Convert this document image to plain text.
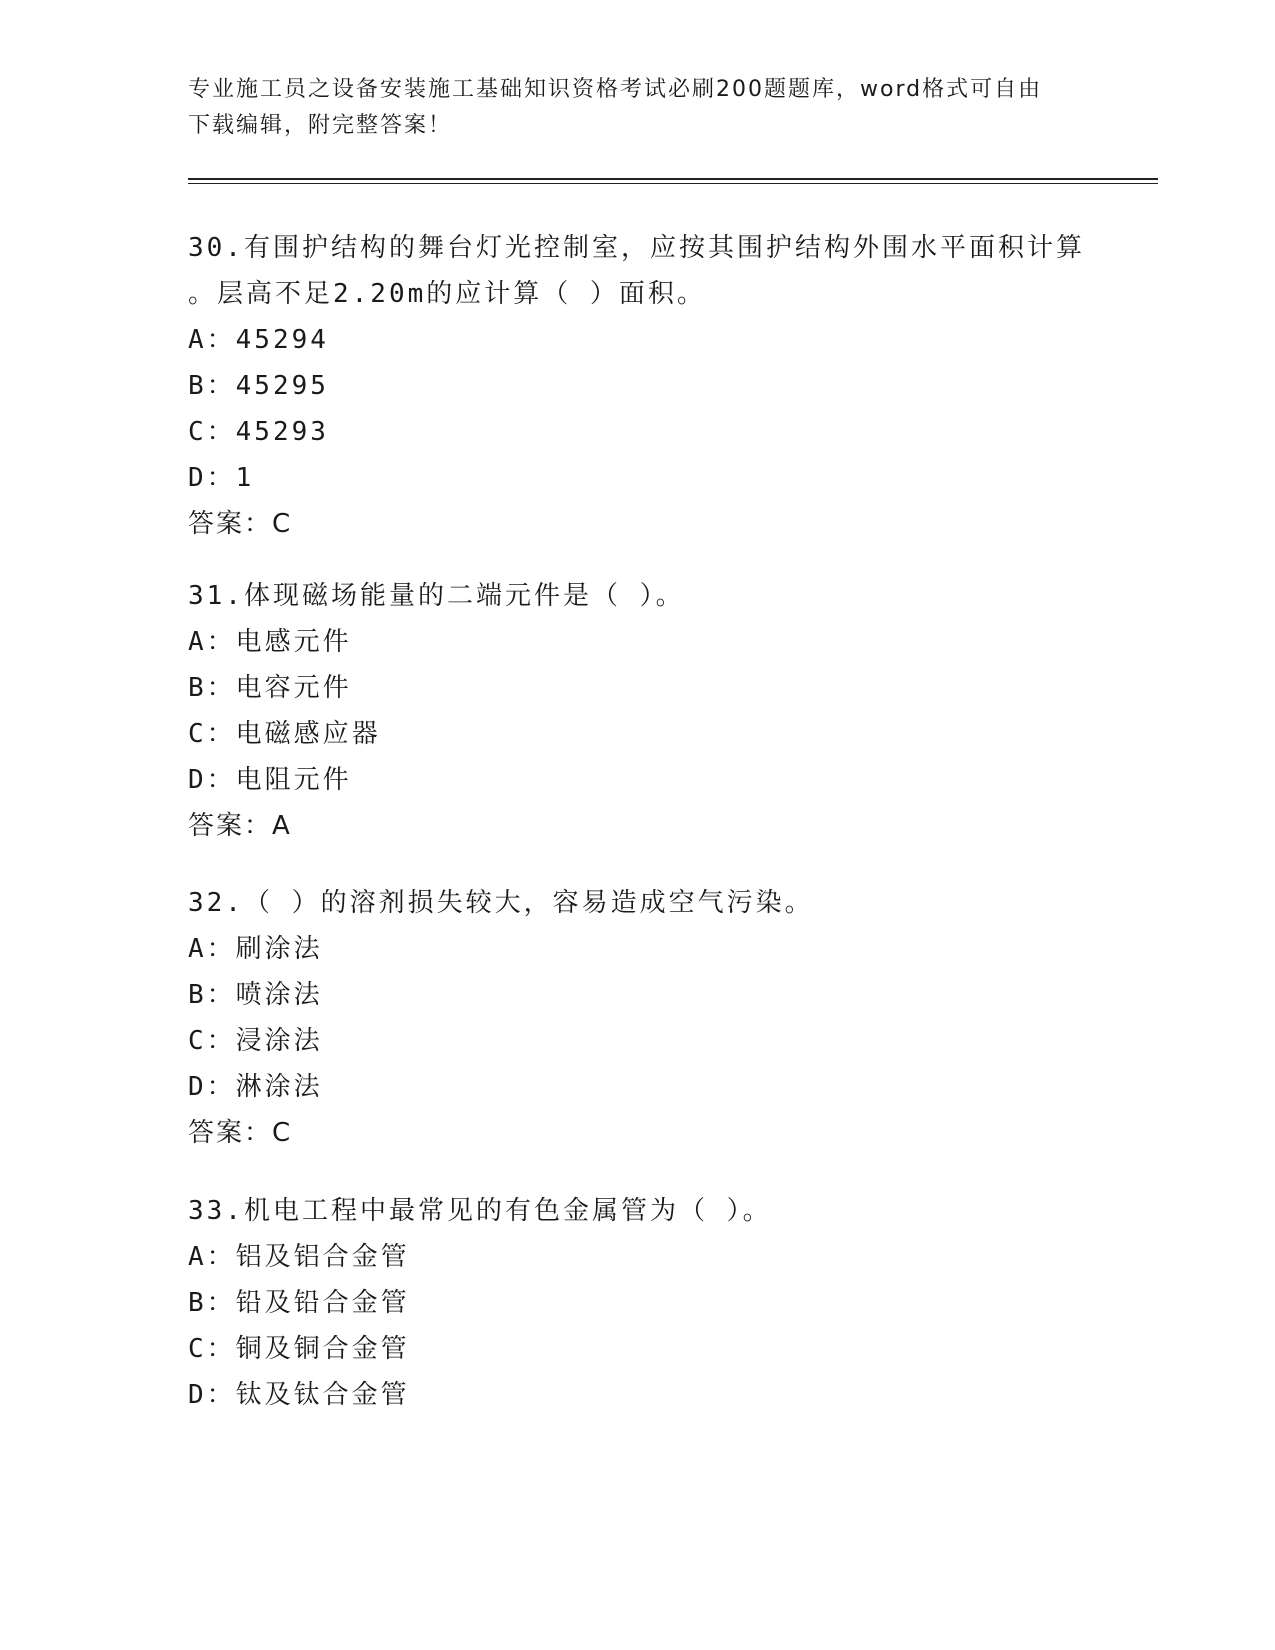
专业施工员之设备安装施工基础知识资格考试必刷200题题库，word格式可自由
下载编辑，附完整答案！
30.有围护结构的舞台灯光控制室，应按其围护结构外围水平面积计算
。层高不足2.20m的应计算（ ）面积。
A：45294
B：45295
C：45293
D：1
答案：C
31.体现磁场能量的二端元件是（ ）。
A：电感元件
B：电容元件
C：电磁感应器
D：电阻元件
答案：A
32.（ ）的溶剂损失较大，容易造成空气污染。
A：刷涂法
B：喷涂法
C：浸涂法
D：淋涂法
答案：C
33.机电工程中最常见的有色金属管为（ ）。
A：铝及铝合金管
B：铅及铅合金管
C：铜及铜合金管
D：钛及钛合金管
